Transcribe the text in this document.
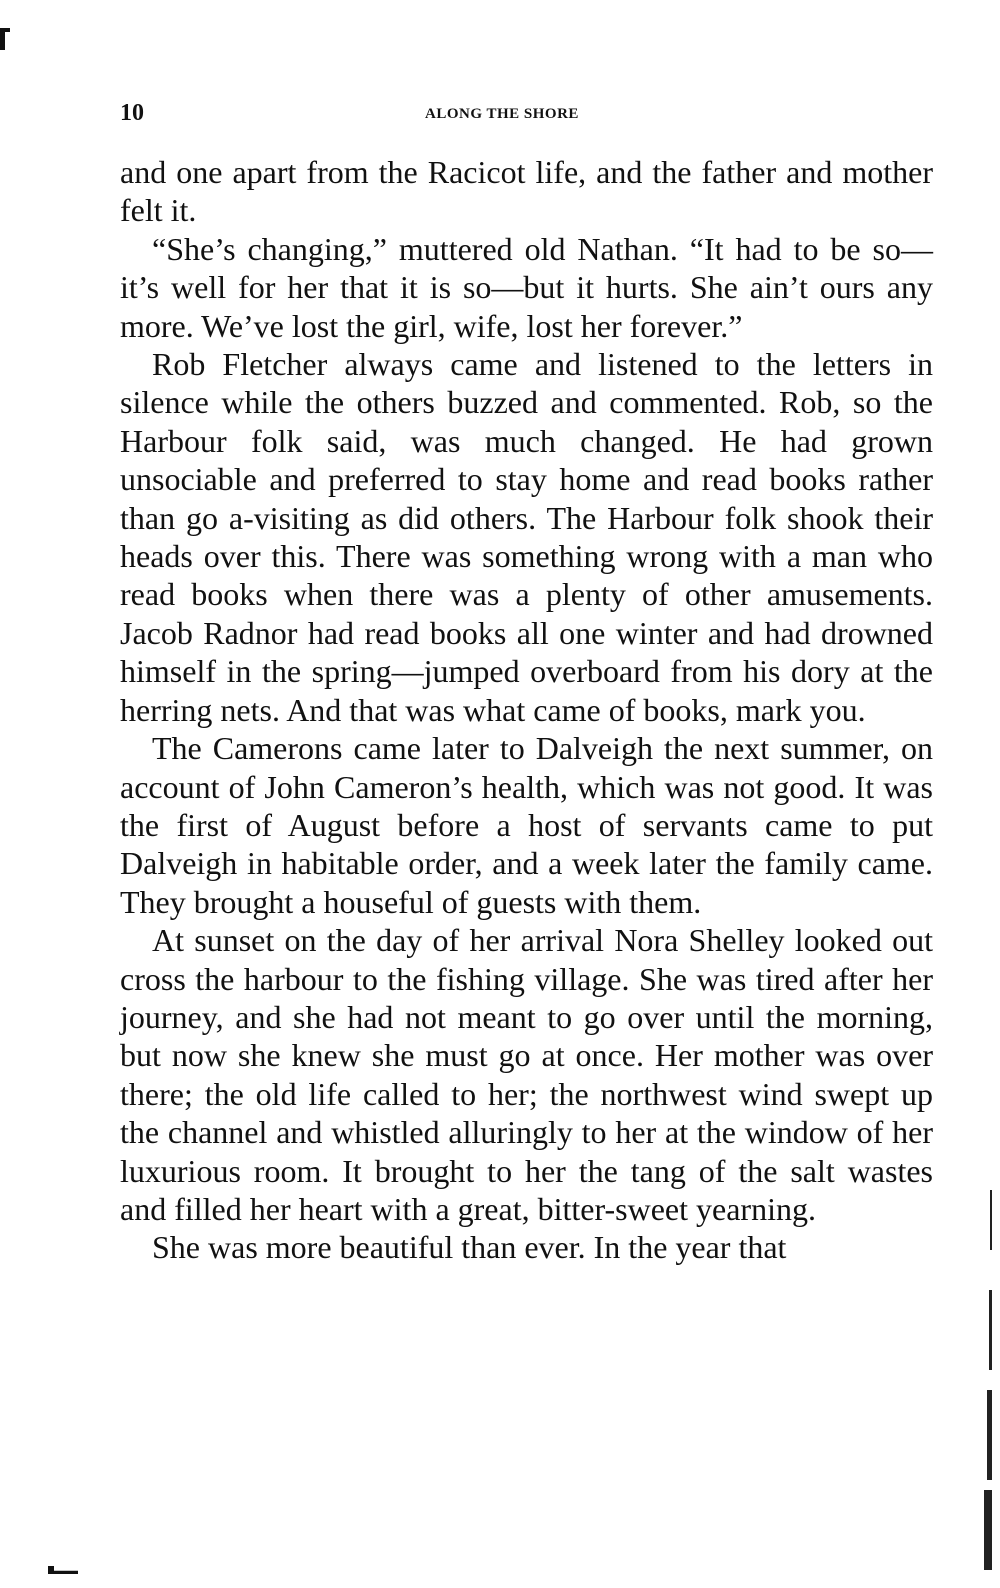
10	ALONG THE SHORE

and one apart from the Racicot life, and the father and mother felt it.

“She’s changing,” muttered old Nathan. “It had to be so—it’s well for her that it is so—but it hurts. She ain’t ours any more. We’ve lost the girl, wife, lost her forever.”

Rob Fletcher always came and listened to the letters in silence while the others buzzed and commented. Rob, so the Harbour folk said, was much changed. He had grown unsociable and preferred to stay home and read books rather than go a-visiting as did others. The Harbour folk shook their heads over this. There was something wrong with a man who read books when there was a plenty of other amusements. Jacob Radnor had read books all one winter and had drowned himself in the spring—jumped overboard from his dory at the herring nets. And that was what came of books, mark you.

The Camerons came later to Dalveigh the next summer, on account of John Cameron’s health, which was not good. It was the first of August before a host of servants came to put Dalveigh in habitable order, and a week later the family came. They brought a houseful of guests with them.

At sunset on the day of her arrival Nora Shelley looked out cross the harbour to the fishing village. She was tired after her journey, and she had not meant to go over until the morning, but now she knew she must go at once. Her mother was over there; the old life called to her; the northwest wind swept up the channel and whistled alluringly to her at the window of her luxurious room. It brought to her the tang of the salt wastes and filled her heart with a great, bitter-sweet yearning.

She was more beautiful than ever. In the year that
